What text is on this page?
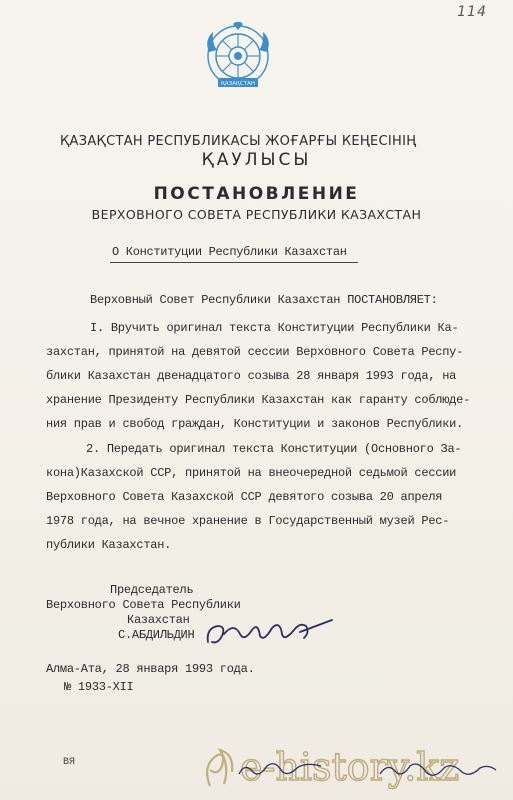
114
ҚАЗАҚСТАН
ҚАЗАҚСТАН РЕСПУБЛИКАСЫ ЖОҒАРҒЫ КЕҢЕСІНІҢ
ҚАУЛЫСЫ
ПОСТАНОВЛЕНИЕ
ВЕРХОВНОГО СОВЕТА РЕСПУБЛИКИ КАЗАХСТАН
О Конституции Республики Казахстан
Верховный Совет Республики Казахстан ПОСТАНОВЛЯЕТ:
I. Вручить оригинал текста Конституции Республики Ка-
захстан, принятой на девятой сессии Верховного Совета Респу-
блики Казахстан двенадцатого созыва 28 января 1993 года, на
хранение Президенту Республики Казахстан как гаранту соблюде-
ния прав и свобод граждан, Конституции и законов Республики.
2. Передать оригинал текста Конституции (Основного За-
кона)Казахской ССР, принятой на внеочередной седьмой сессии
Верховного Совета Казахской ССР девятого созыва 20 апреля
1978 года, на вечное хранение в Государственный музей Рес-
публики Казахстан.
Председатель
Верховного Совета Республики
Казахстан
С.АБДИЛЬДИН
Алма-Ата, 28 января 1993 года.
№ 1933-XII
ВЯ	e-history.kz
